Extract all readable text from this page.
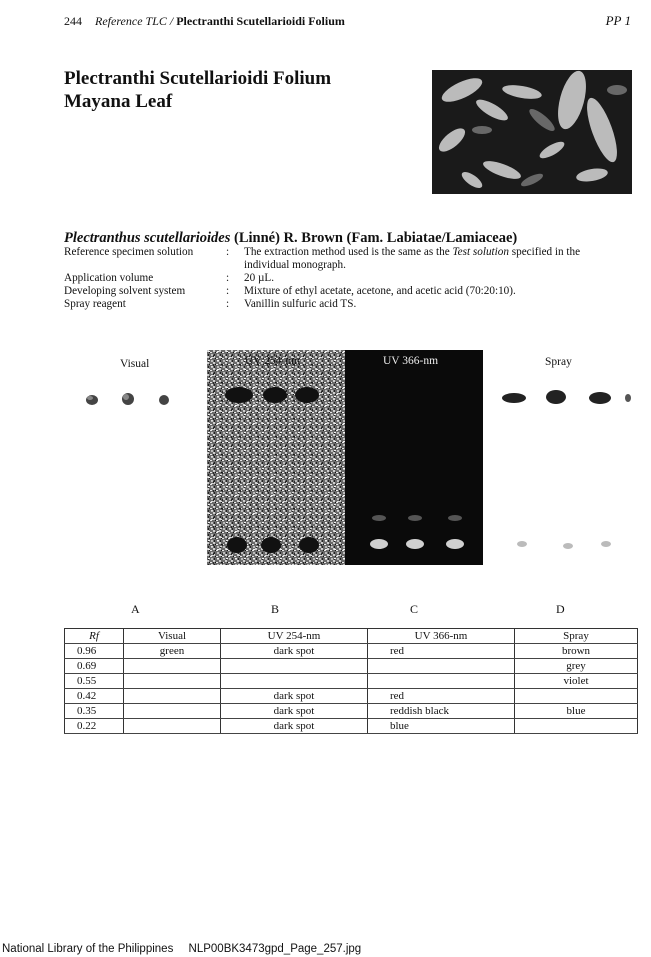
244 Reference TLC / Plectranthi Scutellarioidi Folium	PP 1
Plectranthi Scutellarioidi Folium
Mayana Leaf
Plectranthus scutellarioides (Linné) R. Brown (Fam. Labiatae/Lamiaceae)
Reference specimen solution	:	The extraction method used is the same as the Test solution specified in the individual monograph.
Application volume	:	20 µL.
Developing solvent system	:	Mixture of ethyl acetate, acetone, and acetic acid (70:20:10).
Spray reagent	:	Vanillin sulfuric acid TS.
Visual	UV 254-nm	UV 366-nm	Spray
A	B	C	D
Rf	Visual	UV 254-nm	UV 366-nm	Spray
0.96	green	dark spot	red	brown
0.69				grey
0.55				violet
0.42		dark spot	red	
0.35		dark spot	reddish black	blue
0.22		dark spot	blue	
National Library of the Philippines NLP00BK3473gpd_Page_257.jpg
